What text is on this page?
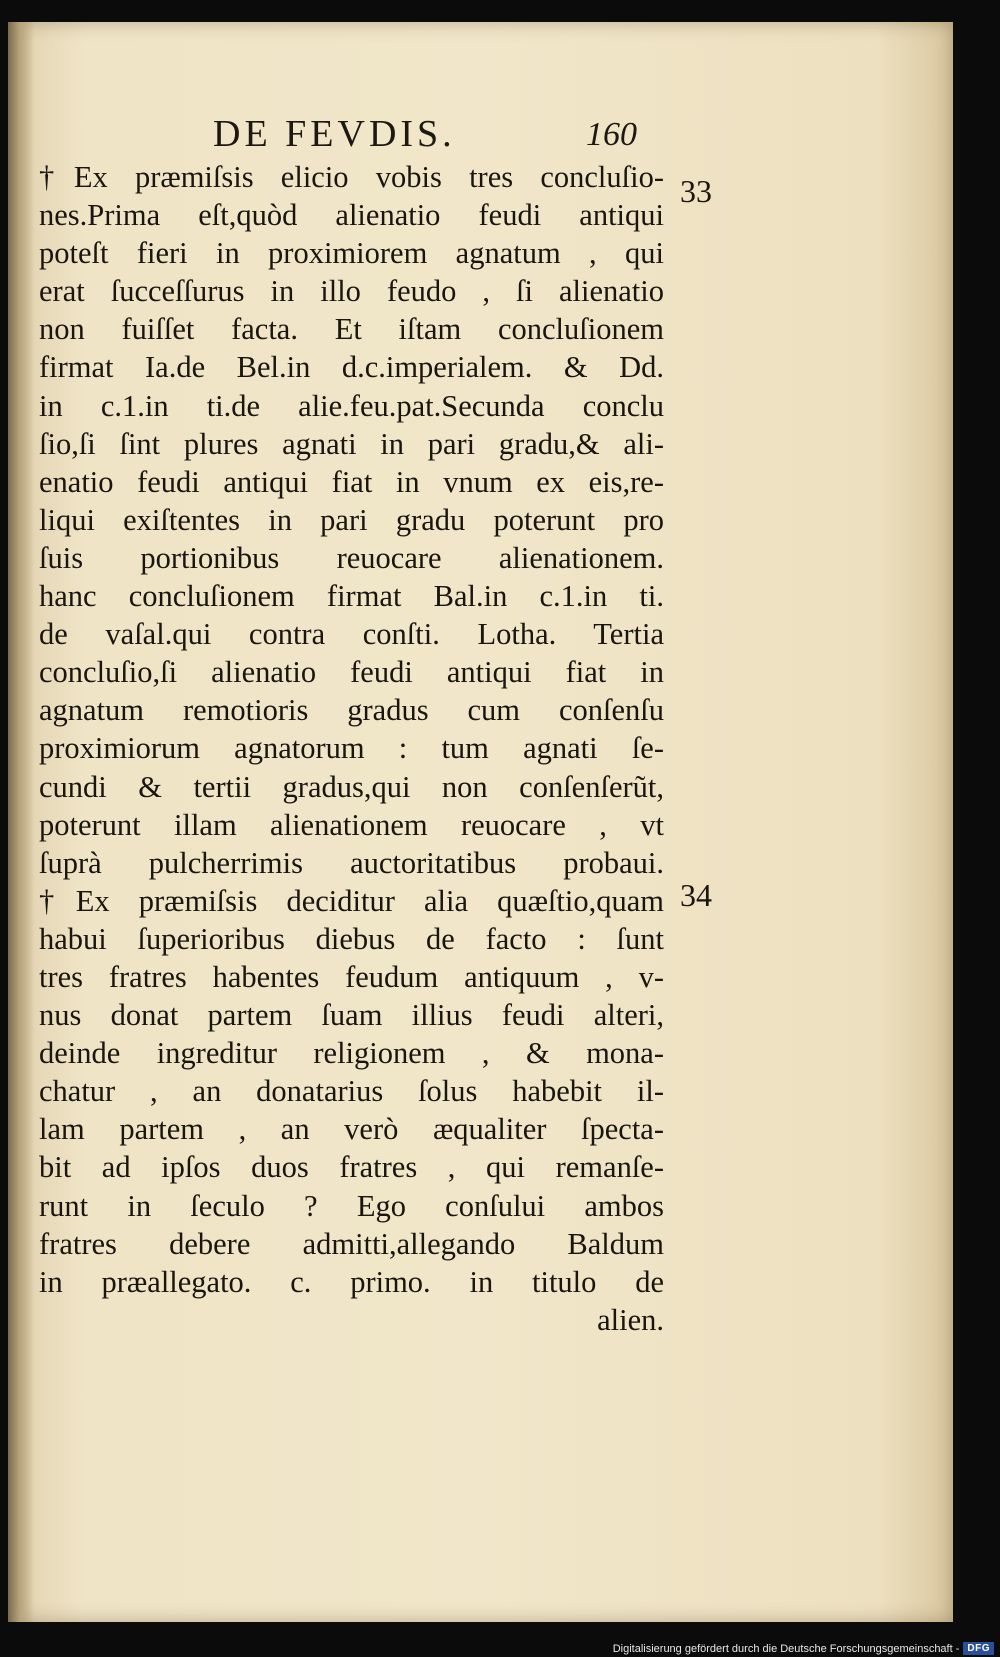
DE FEVDIS.	160
†Ex præmiſsis elicio vobis tres concluſio-
nes.Prima eſt,quòd alienatio feudi antiqui
poteſt fieri in proximiorem agnatum , qui
erat ſucceſſurus in illo feudo , ſi alienatio
non fuiſſet facta. Et iſtam concluſionem
firmat Ia.de Bel.in d.c.imperialem. & Dd.
in c.1.in ti.de alie.feu.pat.Secunda conclu
ſio,ſi ſint plures agnati in pari gradu,& ali-
enatio feudi antiqui fiat in vnum ex eis,re-
liqui exiſtentes in pari gradu poterunt pro
ſuis portionibus reuocare alienationem.
hanc concluſionem firmat Bal.in c.1.in ti.
de vaſal.qui contra conſti. Lotha. Tertia
concluſio,ſi alienatio feudi antiqui fiat in
agnatum remotioris gradus cum conſenſu
proximiorum agnatorum : tum agnati ſe-
cundi & tertii gradus,qui non conſenſerũt,
poterunt illam alienationem reuocare , vt
ſuprà pulcherrimis auctoritatibus probaui.
†Ex præmiſsis deciditur alia quæſtio,quam
habui ſuperioribus diebus de facto : ſunt
tres fratres habentes feudum antiquum , v-
nus donat partem ſuam illius feudi alteri,
deinde ingreditur religionem , & mona-
chatur , an donatarius ſolus habebit il-
lam partem , an verò æqualiter ſpecta-
bit ad ipſos duos fratres , qui remanſe-
runt in ſeculo ? Ego conſului ambos
fratres debere admitti,allegando Baldum
in præallegato. c. primo. in titulo de
alien.
33
34
Digitalisierung gefördert durch die Deutsche Forschungsgemeinschaft - DFG
